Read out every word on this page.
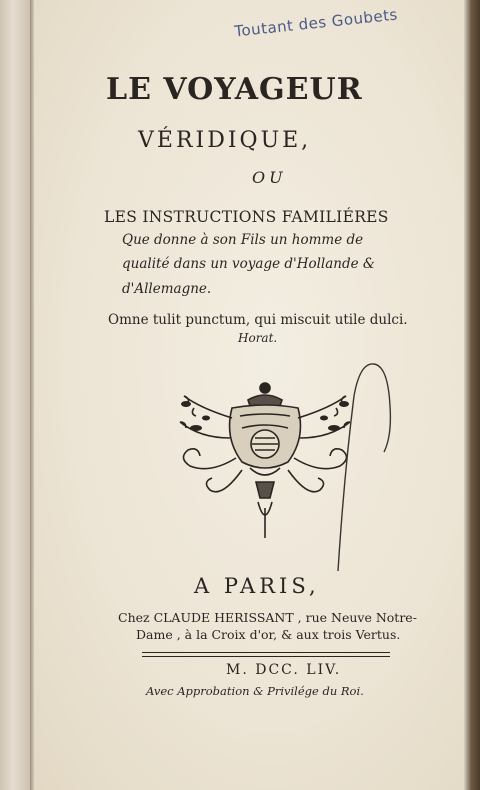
Toutant des Goubets
LE VOYAGEUR
VÉRIDIQUE,
OU
LES INSTRUCTIONS FAMILIÉRES
Que donne à son Fils un homme de
qualité dans un voyage d'Hollande &
d'Allemagne.
Omne tulit punctum, qui miscuit utile dulci.
Horat.
A PARIS,
Chez CLAUDE HERISSANT , rue Neuve Notre-
Dame , à la Croix d'or, & aux trois Vertus.
M. DCC. LIV.
Avec Approbation & Privilége du Roi.
